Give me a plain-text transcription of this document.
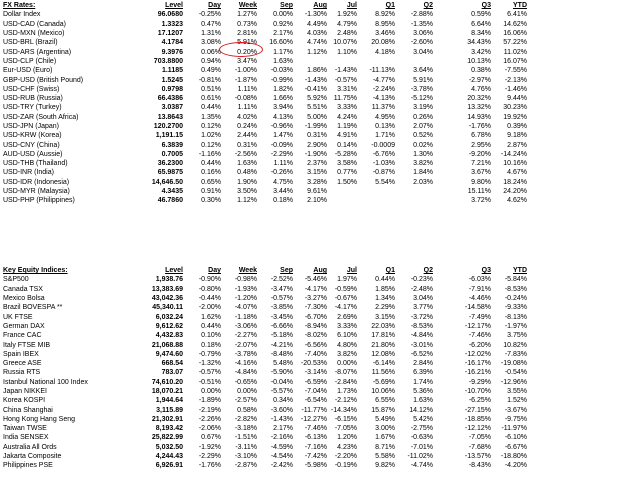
FX Rates:	Level	Day	Week	Sep	Aug	Jul	Q1	Q2		Q3	YTD
Dollar Index	96.0680	-0.25%	1.27%	0.00%	-1.30%	1.92%	8.92%	-2.88%		0.59%	6.41%
USD-CAD (Canada)	1.3323	0.47%	0.73%	0.92%	4.49%	4.79%	8.95%	-1.35%		6.64%	14.62%
USD-MXN (Mexico)	17.1207	1.31%	2.81%	2.17%	4.03%	2.48%	3.46%	3.06%		8.34%	16.06%
USD-BRL (Brazil)	4.1784	3.08%	5.91%	16.60%	4.74%	10.07%	20.08%	-2.60%		34.43%	57.22%
USD-ARS (Argentina)	9.3976	0.06%	0.20%	1.17%	1.12%	1.10%	4.18%	3.04%		3.42%	11.02%
USD-CLP (Chile)	703.8800	0.94%	3.47%	1.63%						10.13%	16.07%
Eur-USD (Euro)	1.1185	0.49%	-1.00%	-0.03%	1.86%	-1.43%	-11.13%	3.64%		0.38%	-7.55%
GBP-USD (British Pound)	1.5245	-0.81%	-1.87%	-0.99%	-1.43%	-0.57%	-4.77%	5.91%		-2.97%	-2.13%
USD-CHF (Swiss)	0.9798	0.51%	1.11%	1.82%	-0.41%	3.31%	-2.24%	-3.78%		4.76%	-1.46%
USD-RUB (Russia)	66.4386	0.61%	-0.08%	1.66%	5.92%	11.75%	-4.13%	-5.12%		20.32%	9.44%
USD-TRY (Turkey)	3.0387	0.44%	1.11%	3.94%	5.51%	3.33%	11.37%	3.19%		13.32%	30.23%
USD-ZAR (South Africa)	13.8643	1.35%	4.02%	4.13%	5.00%	4.24%	4.95%	0.26%		14.93%	19.92%
USD-JPN (Japan)	120.2700	0.12%	0.24%	-0.96%	-1.99%	1.19%	0.13%	2.07%		-1.76%	0.39%
USD-KRW (Korea)	1,191.15	1.02%	2.44%	1.47%	0.31%	4.91%	1.71%	0.52%		6.78%	9.18%
USD-CNY (China)	6.3839	0.12%	0.31%	-0.09%	2.90%	0.14%	-0.0009	0.02%		2.95%	2.87%
AUD-USD (Aussie)	0.7005	-1.16%	-2.56%	-2.29%	-1.90%	-5.28%	-6.76%	1.30%		-9.20%	-14.24%
USD-THB (Thailand)	36.2300	0.44%	1.63%	1.11%	2.37%	3.58%	-1.03%	3.82%		7.21%	10.16%
USD-INR (India)	65.9875	0.16%	0.48%	-0.26%	3.15%	0.77%	-0.87%	1.84%		3.67%	4.67%
USD-IDR (Indonesia)	14,646.50	0.65%	1.90%	4.75%	3.28%	1.50%	5.54%	2.03%		9.80%	18.24%
USD-MYR (Malaysia)	4.3435	0.91%	3.50%	3.44%	9.61%					15.11%	24.20%
USD-PHP (Philippines)	46.7860	0.30%	1.12%	0.18%	2.10%					3.72%	4.62%
Key Equity Indices:	Level	Day	Week	Sep	Aug	Jul	Q1	Q2		Q3	YTD
S&P500	1,938.76	-0.90%	-0.98%	-2.52%	-5.46%	1.97%	0.44%	-0.23%		-6.03%	-5.84%
Canada TSX	13,383.69	-0.80%	-1.93%	-3.47%	-4.17%	-0.59%	1.85%	-2.48%		-7.91%	-8.53%
Mexico Bolsa	43,042.36	-0.44%	-1.20%	-0.57%	-3.27%	-0.67%	1.34%	3.04%		-4.46%	-0.24%
Brazil BOVESPA **	45,340.11	-2.00%	-4.07%	-3.85%	-7.30%	-4.17%	2.29%	3.77%		-14.58%	-9.33%
UK FTSE	6,032.24	1.62%	-1.18%	-3.45%	-6.70%	2.69%	3.15%	-3.72%		-7.49%	-8.13%
German DAX	9,612.62	0.44%	-3.06%	-6.66%	-8.94%	3.33%	22.03%	-8.53%		-12.17%	-1.97%
France CAC	4,432.83	0.10%	-2.27%	-5.18%	-8.02%	6.10%	17.81%	-4.84%		-7.46%	3.75%
Italy FTSE MIB	21,068.88	0.18%	-2.07%	-4.21%	-6.56%	4.80%	21.80%	-3.01%		-6.20%	10.82%
Spain IBEX	9,474.60	-0.79%	-3.78%	-8.48%	-7.40%	3.82%	12.08%	-6.52%		-12.02%	-7.83%
Greece ASE	668.54	-1.32%	-4.16%	5.48%	-20.53%	0.00%	-6.14%	2.84%		-16.17%	-19.08%
Russia RTS	783.07	-0.57%	-4.84%	-5.90%	-3.14%	-8.07%	11.56%	6.39%		-16.21%	-0.54%
Istanbul National 100 Index	74,610.20	-0.51%	-0.65%	-0.04%	-6.59%	-2.84%	-5.69%	1.74%		-9.29%	-12.96%
Japan NIKKEI	18,070.21	0.00%	0.00%	-5.57%	-7.04%	1.73%	10.06%	5.36%		-10.70%	3.55%
Korea KOSPI	1,944.64	-1.89%	-2.57%	0.34%	-6.54%	-2.12%	6.55%	1.63%		-6.25%	1.52%
China Shanghai	3,115.89	-2.19%	0.58%	-3.60%	-11.77%	-14.34%	15.87%	14.12%		-27.15%	-3.67%
Hong Kong Hang Seng	21,302.91	-2.26%	-2.82%	-1.43%	-12.27%	-6.15%	5.49%	5.42%		-18.85%	-9.75%
Taiwan TWSE	8,193.42	-2.06%	-3.18%	2.17%	-7.46%	-7.05%	3.00%	-2.75%		-12.12%	-11.97%
India SENSEX	25,822.99	0.67%	-1.51%	-2.16%	-6.13%	1.20%	1.67%	-0.63%		-7.05%	-6.10%
Australia All Ords	5,032.50	-1.92%	-3.11%	-4.59%	-7.16%	4.23%	8.71%	-7.01%		-7.68%	-6.67%
Jakarta Composite	4,244.43	-2.29%	-3.10%	-4.54%	-7.42%	-2.20%	5.58%	-11.02%		-13.57%	-18.80%
Philippines PSE	6,926.91	-1.76%	-2.87%	-2.42%	-5.98%	-0.19%	9.82%	-4.74%		-8.43%	-4.20%
